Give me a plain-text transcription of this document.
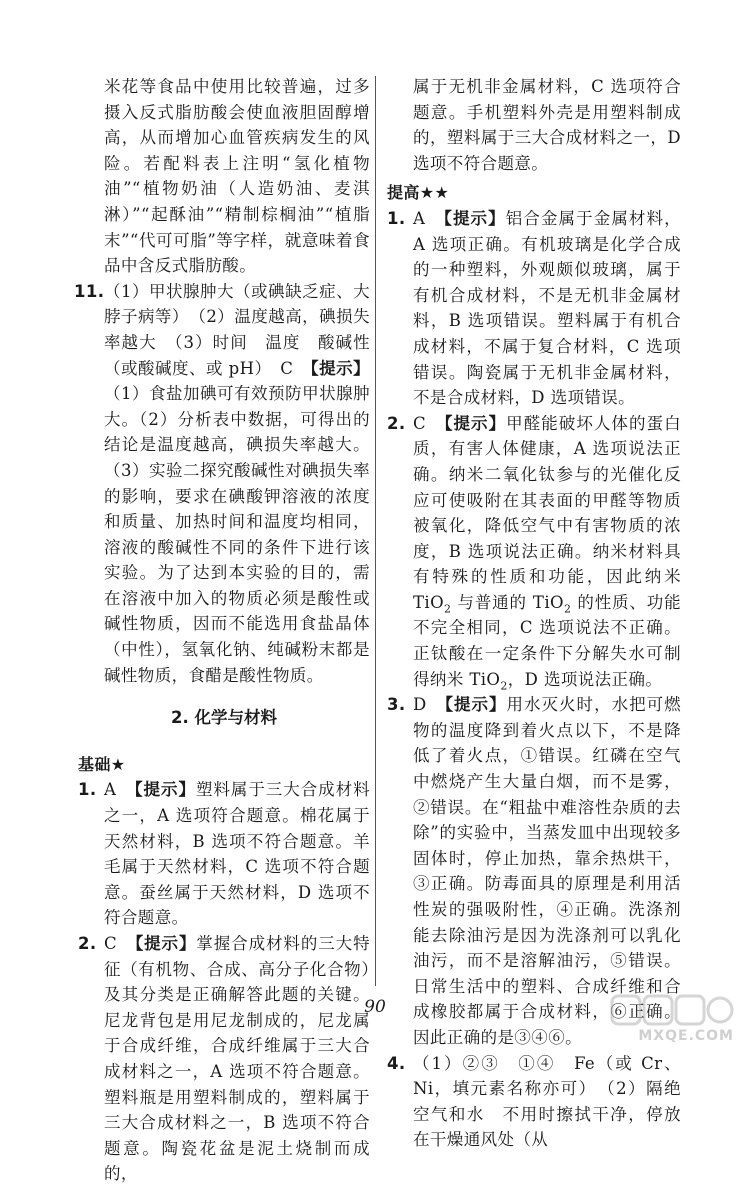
米花等食品中使用比较普遍，过多摄入反式脂肪酸会使血液胆固醇增高，从而增加心血管疾病发生的风险。若配料表上注明“氢化植物油”“植物奶油（人造奶油、麦淇淋）”“起酥油”“精制棕榈油”“植脂末”“代可可脂”等字样，就意味着食品中含反式脂肪酸。
11. （1）甲状腺肿大（或碘缺乏症、大脖子病等）　（2）温度越高，碘损失率越大　（3）时间　温度　酸碱性（或酸碱度、或 pH）　C　【提示】（1）食盐加碘可有效预防甲状腺肿大。（2）分析表中数据，可得出的结论是温度越高，碘损失率越大。（3）实验二探究酸碱性对碘损失率的影响，要求在碘酸钾溶液的浓度和质量、加热时间和温度均相同，溶液的酸碱性不同的条件下进行该实验。为了达到本实验的目的，需在溶液中加入的物质必须是酸性或碱性物质，因而不能选用食盐晶体（中性），氢氧化钠、纯碱粉末都是碱性物质，食醋是酸性物质。
2. 化学与材料
基础★
1. A　【提示】塑料属于三大合成材料之一，A 选项符合题意。棉花属于天然材料，B 选项不符合题意。羊毛属于天然材料，C 选项不符合题意。蚕丝属于天然材料，D 选项不符合题意。
2. C　【提示】掌握合成材料的三大特征（有机物、合成、高分子化合物）及其分类是正确解答此题的关键。尼龙背包是用尼龙制成的，尼龙属于合成纤维，合成纤维属于三大合成材料之一，A 选项不符合题意。塑料瓶是用塑料制成的，塑料属于三大合成材料之一，B 选项不符合题意。陶瓷花盆是泥土烧制而成的，
属于无机非金属材料，C 选项符合题意。手机塑料外壳是用塑料制成的，塑料属于三大合成材料之一，D 选项不符合题意。
提高★★
1. A　【提示】铝合金属于金属材料，A 选项正确。有机玻璃是化学合成的一种塑料，外观颇似玻璃，属于有机合成材料，不是无机非金属材料，B 选项错误。塑料属于有机合成材料，不属于复合材料，C 选项错误。陶瓷属于无机非金属材料，不是合成材料，D 选项错误。
2. C　【提示】甲醛能破坏人体的蛋白质，有害人体健康，A 选项说法正确。纳米二氧化钛参与的光催化反应可使吸附在其表面的甲醛等物质被氧化，降低空气中有害物质的浓度，B 选项说法正确。纳米材料具有特殊的性质和功能，因此纳米 TiO$_2$ 与普通的 TiO$_2$ 的性质、功能不完全相同，C 选项说法不正确。正钛酸在一定条件下分解失水可制得纳米 TiO$_2$，D 选项说法正确。
3. D　【提示】用水灭火时，水把可燃物的温度降到着火点以下，不是降低了着火点，①错误。红磷在空气中燃烧产生大量白烟，而不是雾，②错误。在“粗盐中难溶性杂质的去除”的实验中，当蒸发皿中出现较多固体时，停止加热，靠余热烘干，③正确。防毒面具的原理是利用活性炭的强吸附性，④正确。洗涤剂能去除油污是因为洗涤剂可以乳化油污，而不是溶解油污，⑤错误。日常生活中的塑料、合成纤维和合成橡胶都属于合成材料，⑥正确。因此正确的是③④⑥。
4. （1）②③　①④　Fe（或 Cr、Ni，填元素名称亦可）　（2）隔绝空气和水　不用时擦拭干净，停放在干燥通风处（从
90
MXQE.COM
